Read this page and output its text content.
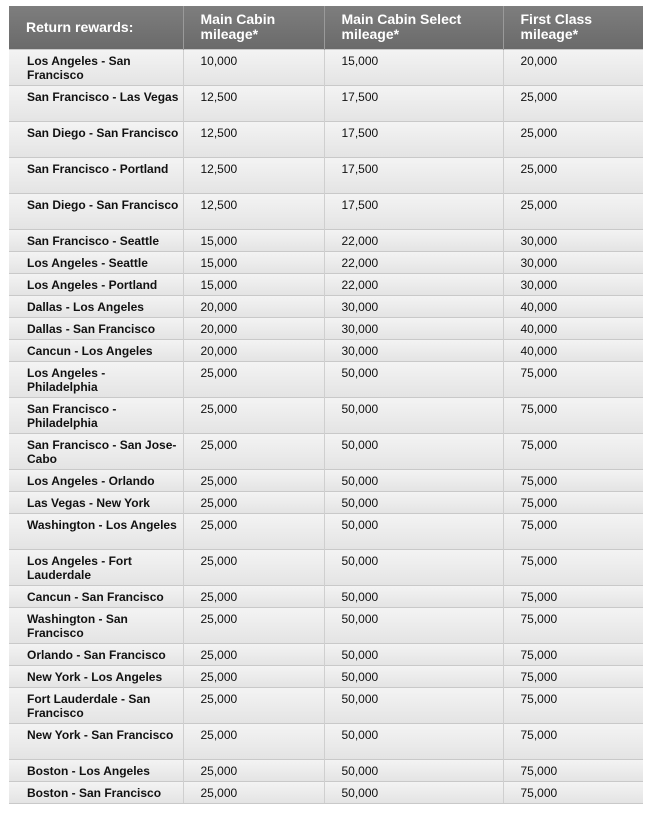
Return rewards:	Main Cabin mileage*	Main Cabin Select mileage*	First Class mileage*
Los Angeles - San Francisco	10,000	15,000	20,000
San Francisco - Las Vegas	12,500	17,500	25,000
San Diego - San Francisco	12,500	17,500	25,000
San Francisco - Portland	12,500	17,500	25,000
San Diego - San Francisco	12,500	17,500	25,000
San Francisco - Seattle	15,000	22,000	30,000
Los Angeles - Seattle	15,000	22,000	30,000
Los Angeles - Portland	15,000	22,000	30,000
Dallas - Los Angeles	20,000	30,000	40,000
Dallas - San Francisco	20,000	30,000	40,000
Cancun - Los Angeles	20,000	30,000	40,000
Los Angeles - Philadelphia	25,000	50,000	75,000
San Francisco - Philadelphia	25,000	50,000	75,000
San Francisco - San Jose-Cabo	25,000	50,000	75,000
Los Angeles - Orlando	25,000	50,000	75,000
Las Vegas - New York	25,000	50,000	75,000
Washington - Los Angeles	25,000	50,000	75,000
Los Angeles - Fort Lauderdale	25,000	50,000	75,000
Cancun - San Francisco	25,000	50,000	75,000
Washington - San Francisco	25,000	50,000	75,000
Orlando - San Francisco	25,000	50,000	75,000
New York - Los Angeles	25,000	50,000	75,000
Fort Lauderdale - San Francisco	25,000	50,000	75,000
New York - San Francisco	25,000	50,000	75,000
Boston - Los Angeles	25,000	50,000	75,000
Boston - San Francisco	25,000	50,000	75,000
